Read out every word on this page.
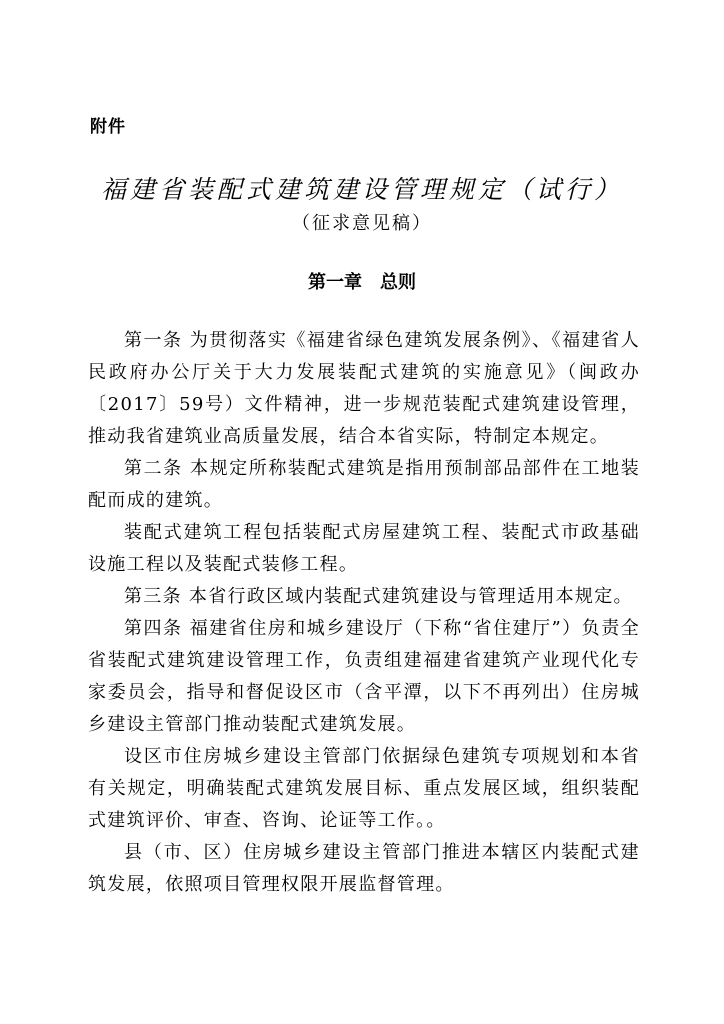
附件
福建省装配式建筑建设管理规定（试行）
（征求意见稿）
第一章　总则

第一条 为贯彻落实《福建省绿色建筑发展条例》、《福建省人民政府办公厅关于大力发展装配式建筑的实施意见》（闽政办〔2017〕59号）文件精神，进一步规范装配式建筑建设管理，推动我省建筑业高质量发展，结合本省实际，特制定本规定。

第二条 本规定所称装配式建筑是指用预制部品部件在工地装配而成的建筑。

装配式建筑工程包括装配式房屋建筑工程、装配式市政基础设施工程以及装配式装修工程。

第三条 本省行政区域内装配式建筑建设与管理适用本规定。

第四条 福建省住房和城乡建设厅（下称“省住建厅”）负责全省装配式建筑建设管理工作，负责组建福建省建筑产业现代化专家委员会，指导和督促设区市（含平潭，以下不再列出）住房城乡建设主管部门推动装配式建筑发展。

设区市住房城乡建设主管部门依据绿色建筑专项规划和本省有关规定，明确装配式建筑发展目标、重点发展区域，组织装配式建筑评价、审查、咨询、论证等工作。。

县（市、区）住房城乡建设主管部门推进本辖区内装配式建筑发展，依照项目管理权限开展监督管理。
